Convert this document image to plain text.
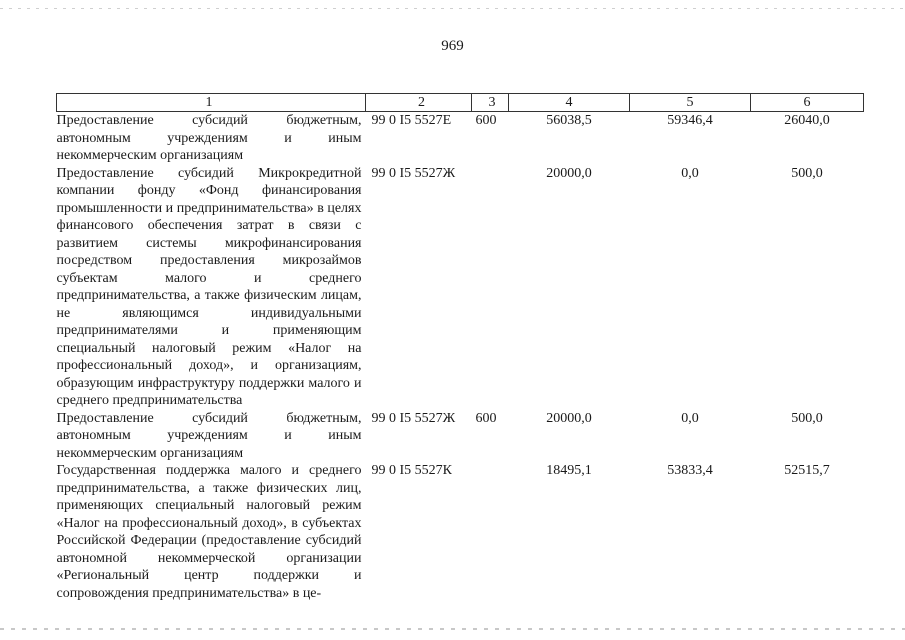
969
1	2	3	4	5	6
Предоставление субсидий бюджетным, автономным учреждениям и иным некоммерческим организациям	99 0 I5 5527Е	600	56038,5	59346,4	26040,0
Предоставление субсидий Микрокредитной компании фонду «Фонд финансирования промышленности и предпринимательства» в целях финансового обеспечения затрат в связи с развитием системы микрофинансирования посредством предоставления микрозаймов субъектам малого и среднего предпринимательства, а также физическим лицам, не являющимся индивидуальными предпринимателями и применяющим специальный налоговый режим «Налог на профессиональный доход», и организациям, образующим инфраструктуру поддержки малого и среднего предпринимательства	99 0 I5 5527Ж		20000,0	0,0	500,0
Предоставление субсидий бюджетным, автономным учреждениям и иным некоммерческим организациям	99 0 I5 5527Ж	600	20000,0	0,0	500,0
Государственная поддержка малого и среднего предпринимательства, а также физических лиц, применяющих специальный налоговый режим «Налог на профессиональный доход», в субъектах Российской Федерации (предоставление субсидий автономной некоммерческой организации «Региональный центр поддержки и сопровождения предпринимательства» в це-	99 0 I5 5527К		18495,1	53833,4	52515,7
